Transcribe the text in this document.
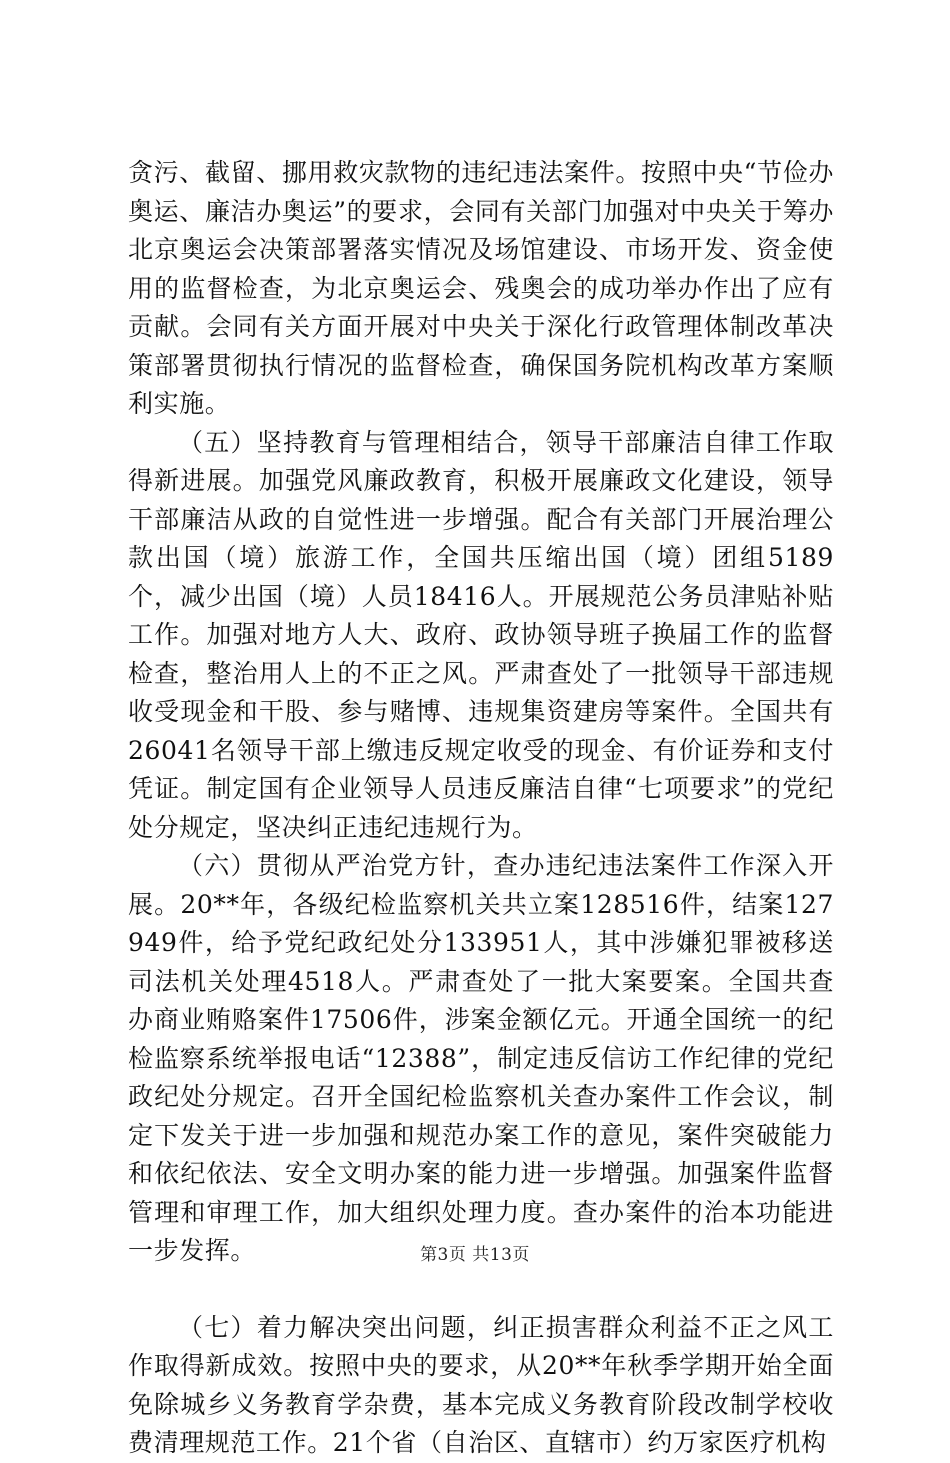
贪污、截留、挪用救灾款物的违纪违法案件。按照中央“节俭办奥运、廉洁办奥运”的要求，会同有关部门加强对中央关于筹办北京奥运会决策部署落实情况及场馆建设、市场开发、资金使用的监督检查，为北京奥运会、残奥会的成功举办作出了应有贡献。会同有关方面开展对中央关于深化行政管理体制改革决策部署贯彻执行情况的监督检查，确保国务院机构改革方案顺利实施。

（五）坚持教育与管理相结合，领导干部廉洁自律工作取得新进展。加强党风廉政教育，积极开展廉政文化建设，领导干部廉洁从政的自觉性进一步增强。配合有关部门开展治理公款出国（境）旅游工作，全国共压缩出国（境）团组5189个，减少出国（境）人员18416人。开展规范公务员津贴补贴工作。加强对地方人大、政府、政协领导班子换届工作的监督检查，整治用人上的不正之风。严肃查处了一批领导干部违规收受现金和干股、参与赌博、违规集资建房等案件。全国共有26041名领导干部上缴违反规定收受的现金、有价证券和支付凭证。制定国有企业领导人员违反廉洁自律“七项要求”的党纪处分规定，坚决纠正违纪违规行为。

（六）贯彻从严治党方针，查办违纪违法案件工作深入开展。20**年，各级纪检监察机关共立案128516件，结案127949件，给予党纪政纪处分133951人，其中涉嫌犯罪被移送司法机关处理4518人。严肃查处了一批大案要案。全国共查办商业贿赂案件17506件，涉案金额亿元。开通全国统一的纪检监察系统举报电话“12388”，制定违反信访工作纪律的党纪政纪处分规定。召开全国纪检监察机关查办案件工作会议，制定下发关于进一步加强和规范办案工作的意见，案件突破能力和依纪依法、安全文明办案的能力进一步增强。加强案件监督管理和审理工作，加大组织处理力度。查办案件的治本功能进一步发挥。

（七）着力解决突出问题，纠正损害群众利益不正之风工作取得新成效。按照中央的要求，从20**年秋季学期开始全面免除城乡义务教育学杂费，基本完成义务教育阶段改制学校收费清理规范工作。21个省（自治区、直辖市）约万家医疗机构

第3页 共13页
